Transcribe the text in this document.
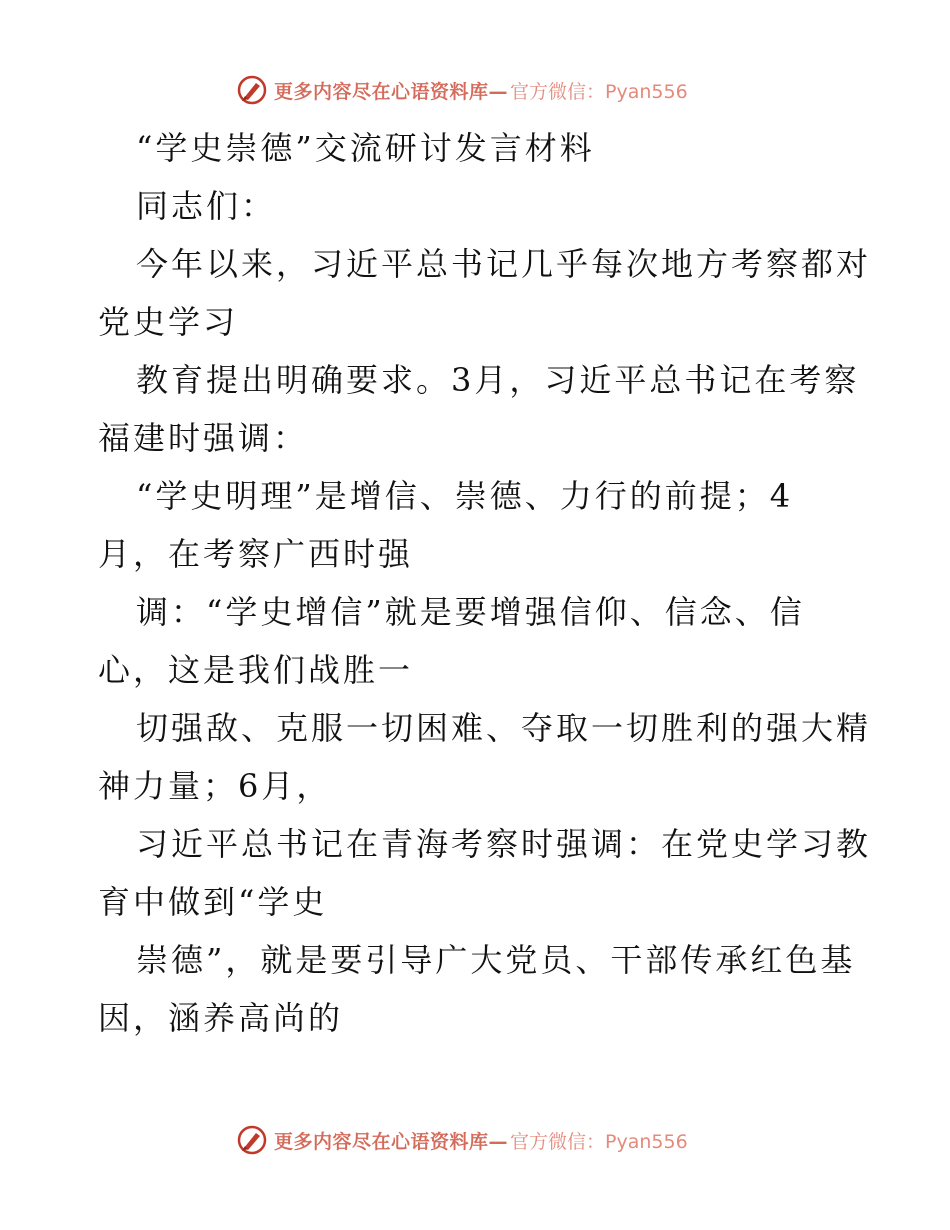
更多内容尽在心语资料库— 官方微信：Pyan556
“学史崇德”交流研讨发言材料
同志们：
今年以来，习近平总书记几乎每次地方考察都对
党史学习
教育提出明确要求。3月，习近平总书记在考察
福建时强调：
“学史明理”是增信、崇德、力行的前提；4
月，在考察广西时强
调：“学史增信”就是要增强信仰、信念、信
心，这是我们战胜一
切强敌、克服一切困难、夺取一切胜利的强大精
神力量；6月，
习近平总书记在青海考察时强调：在党史学习教
育中做到“学史
崇德”，就是要引导广大党员、干部传承红色基
因，涵养高尚的
更多内容尽在心语资料库— 官方微信：Pyan556
